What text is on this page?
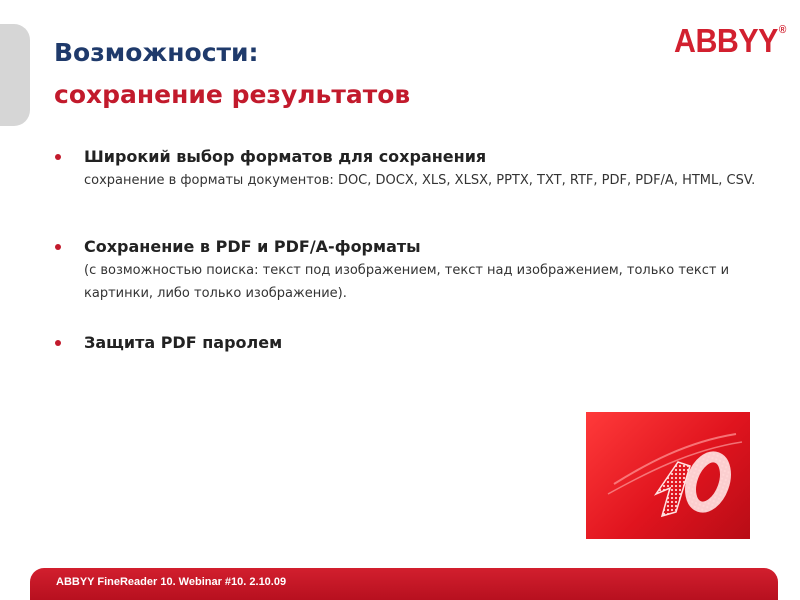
ABBYY®
Возможности:
сохранение результатов
Широкий выбор форматов для сохранения
сохранение в форматы документов: DOC, DOCX, XLS, XLSX, PPTX, TXT, RTF, PDF, PDF/A, HTML, CSV.
Сохранение в PDF и PDF/A-форматы
(с возможностью поиска: текст под изображением, текст над изображением, только текст и картинки, либо только изображение).
Защита PDF паролем
ABBYY FineReader 10. Webinar #10. 2.10.09
